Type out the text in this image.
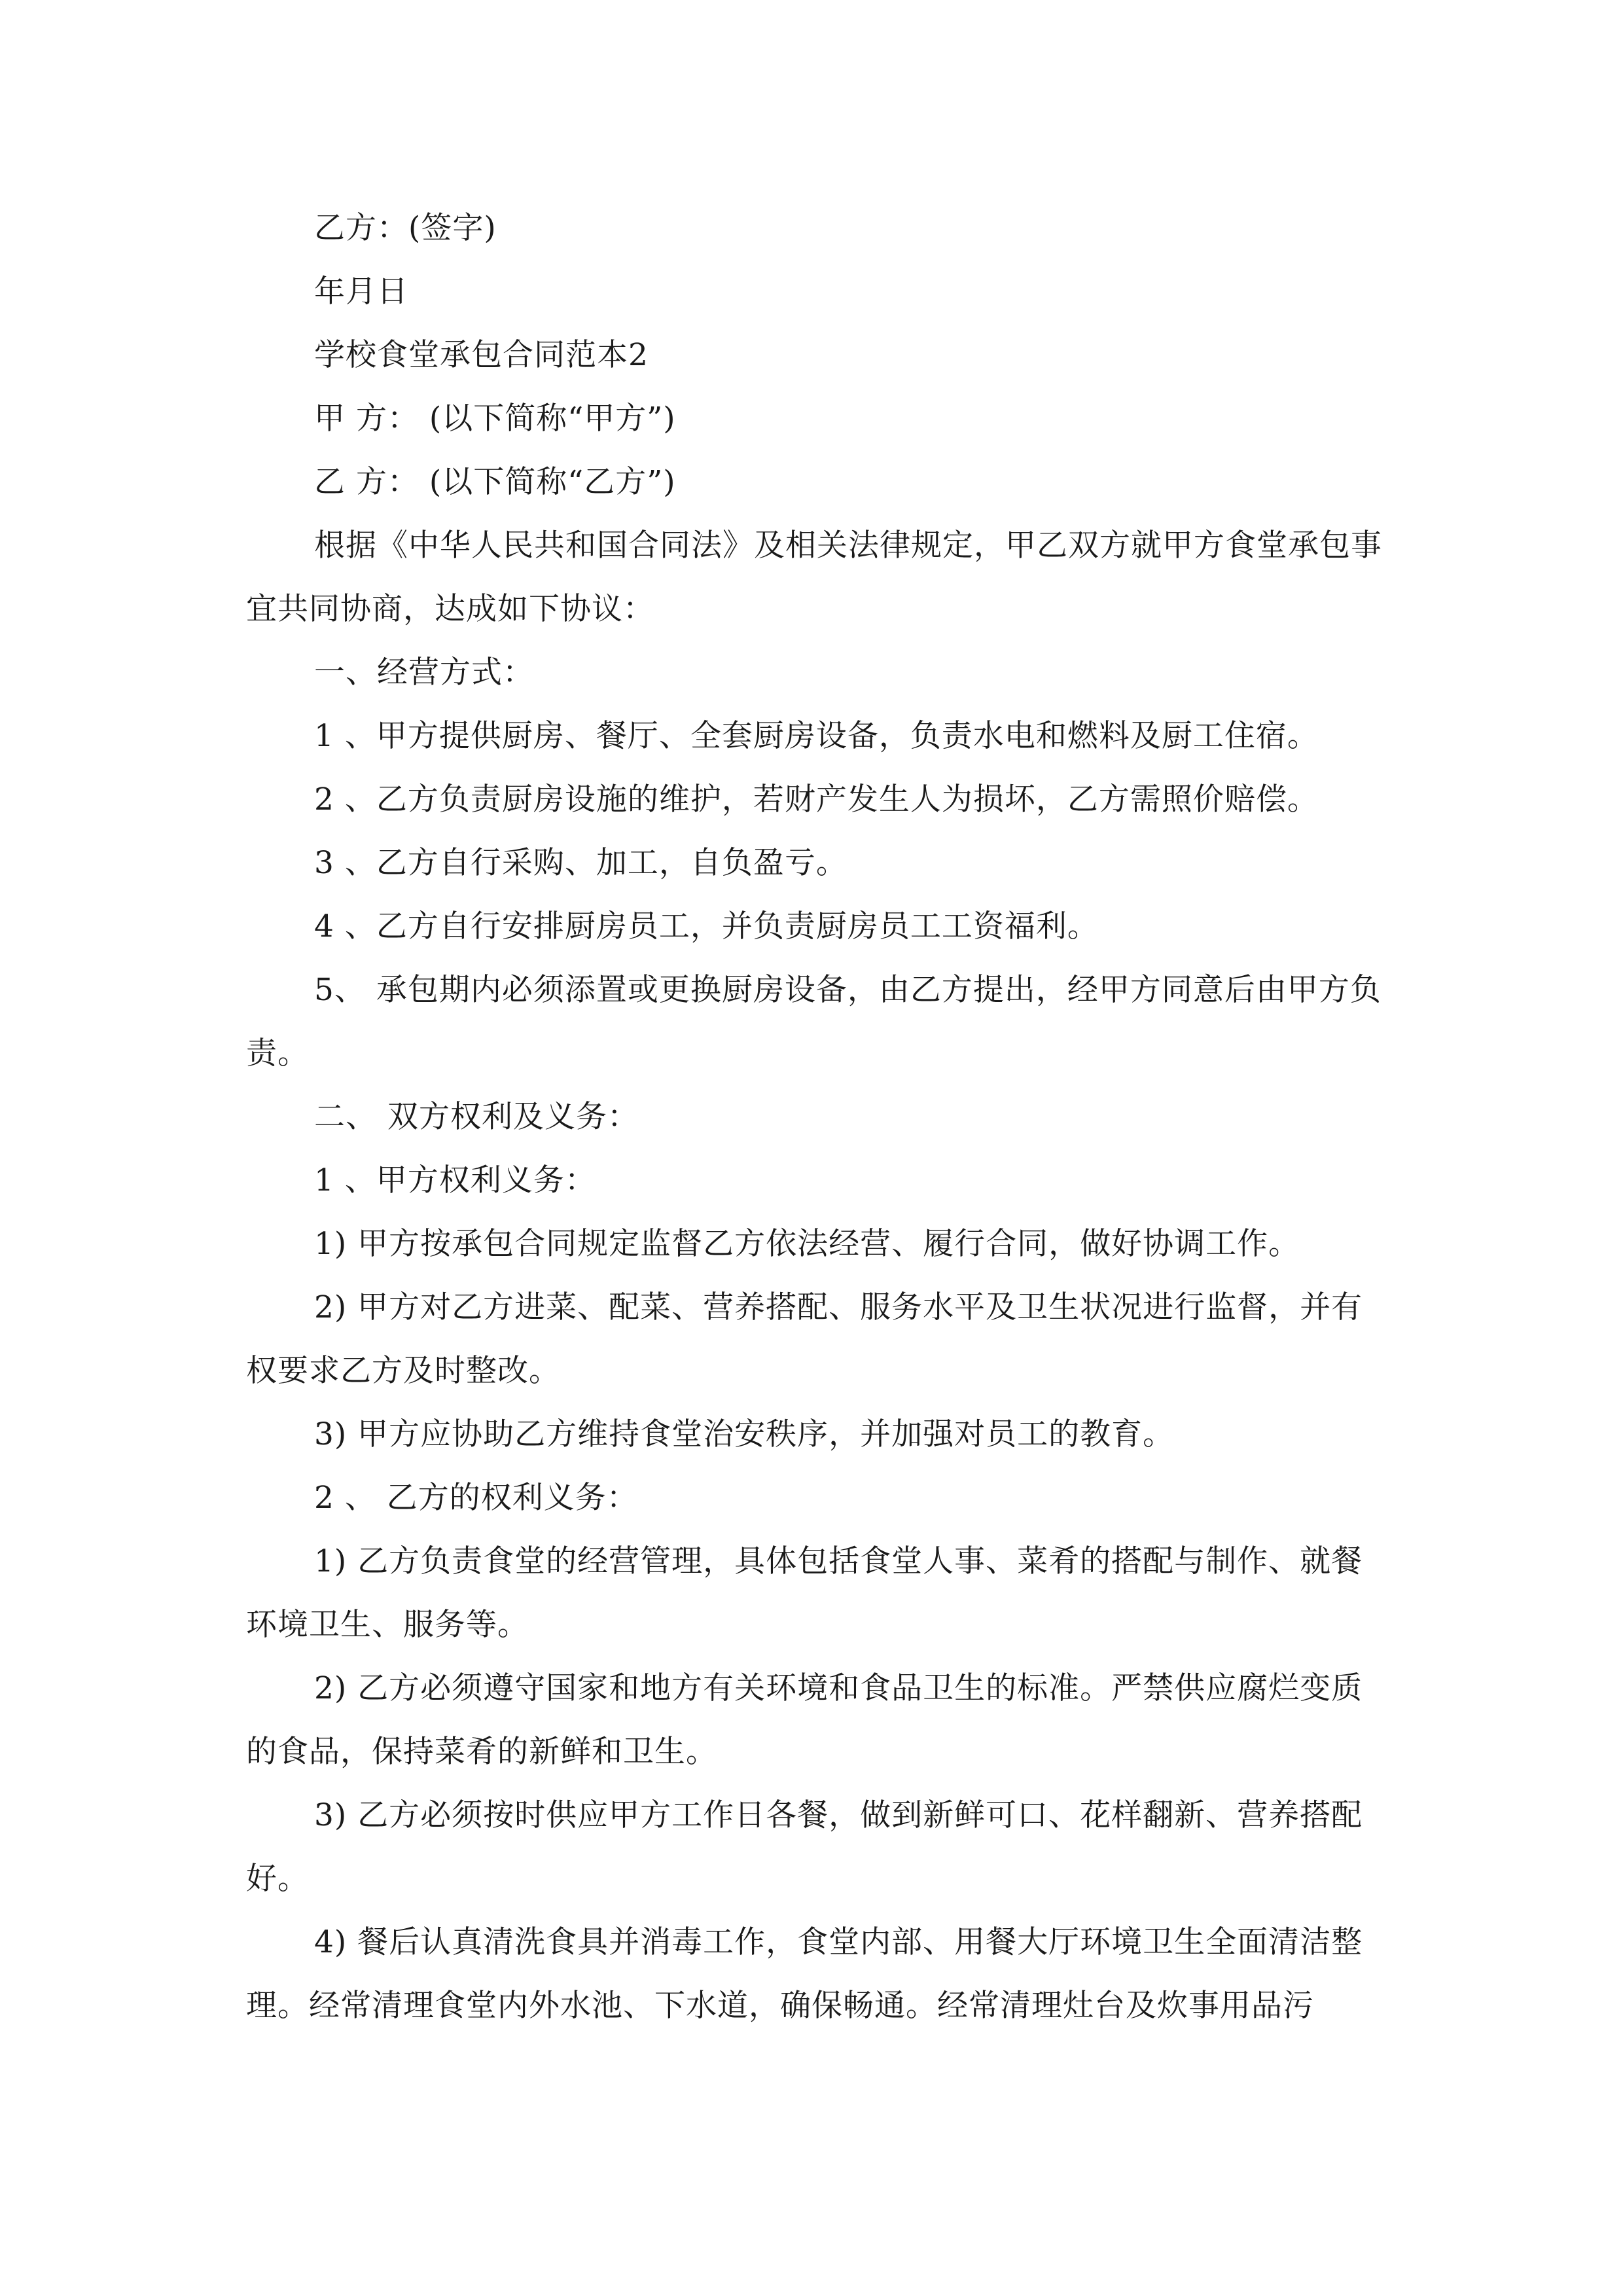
乙方：(签字)

年月日

学校食堂承包合同范本2

甲 方： (以下简称“甲方”)

乙 方： (以下简称“乙方”)

根据《中华人民共和国合同法》及相关法律规定，甲乙双方就甲方食堂承包事宜共同协商，达成如下协议：

一、经营方式：

1 、甲方提供厨房、餐厅、全套厨房设备，负责水电和燃料及厨工住宿。

2 、乙方负责厨房设施的维护，若财产发生人为损坏，乙方需照价赔偿。

3 、乙方自行采购、加工，自负盈亏。

4 、乙方自行安排厨房员工，并负责厨房员工工资福利。

5、 承包期内必须添置或更换厨房设备，由乙方提出，经甲方同意后由甲方负责。

二、 双方权利及义务：

1 、甲方权利义务：

1) 甲方按承包合同规定监督乙方依法经营、履行合同，做好协调工作。

2) 甲方对乙方进菜、配菜、营养搭配、服务水平及卫生状况进行监督，并有权要求乙方及时整改。

3) 甲方应协助乙方维持食堂治安秩序，并加强对员工的教育。

2 、 乙方的权利义务：

1) 乙方负责食堂的经营管理，具体包括食堂人事、菜肴的搭配与制作、就餐环境卫生、服务等。

2) 乙方必须遵守国家和地方有关环境和食品卫生的标准。严禁供应腐烂变质的食品，保持菜肴的新鲜和卫生。

3) 乙方必须按时供应甲方工作日各餐，做到新鲜可口、花样翻新、营养搭配好。

4) 餐后认真清洗食具并消毒工作，食堂内部、用餐大厅环境卫生全面清洁整理。经常清理食堂内外水池、下水道，确保畅通。经常清理灶台及炊事用品污
